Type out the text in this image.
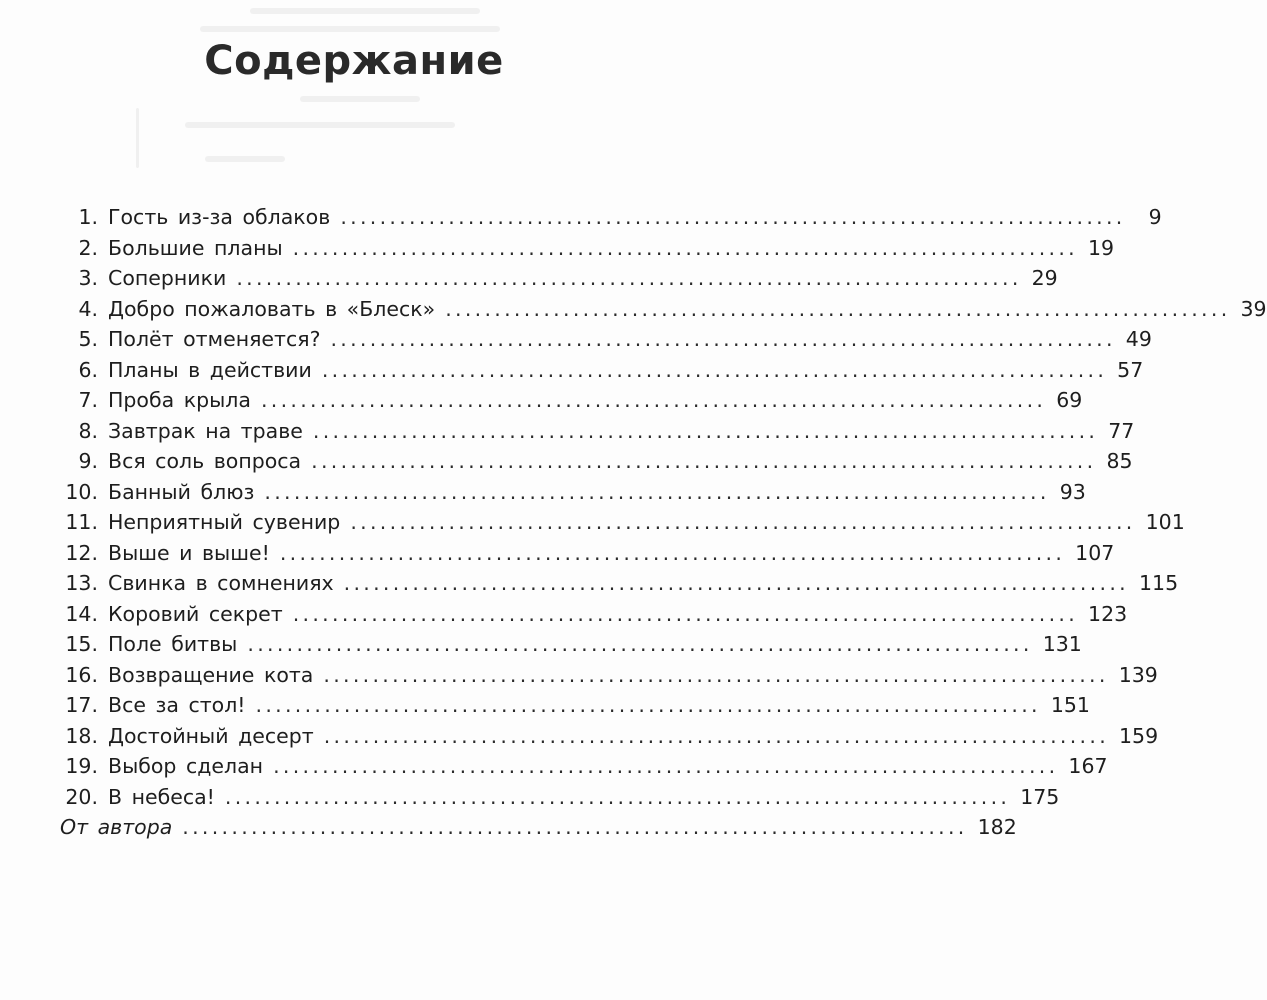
Содержание
1. Гость из-за облаков ................................................................................	9
2. Большие планы ................................................................................ 19
3. Соперники ................................................................................ 29
4. Добро пожаловать в «Блеск» ................................................................................ 39
5. Полёт отменяется? ................................................................................ 49
6. Планы в действии ................................................................................ 57
7. Проба крыла ................................................................................ 69
8. Завтрак на траве ................................................................................ 77
9. Вся соль вопроса ................................................................................ 85
10. Банный блюз ................................................................................ 93
11. Неприятный сувенир ................................................................................ 101
12. Выше и выше! ................................................................................ 107
13. Свинка в сомнениях ................................................................................ 115
14. Коровий секрет ................................................................................ 123
15. Поле битвы ................................................................................ 131
16. Возвращение кота ................................................................................ 139
17. Все за стол! ................................................................................ 151
18. Достойный десерт ................................................................................ 159
19. Выбор сделан ................................................................................ 167
20. В небеса! ................................................................................ 175
От автора ................................................................................ 182
